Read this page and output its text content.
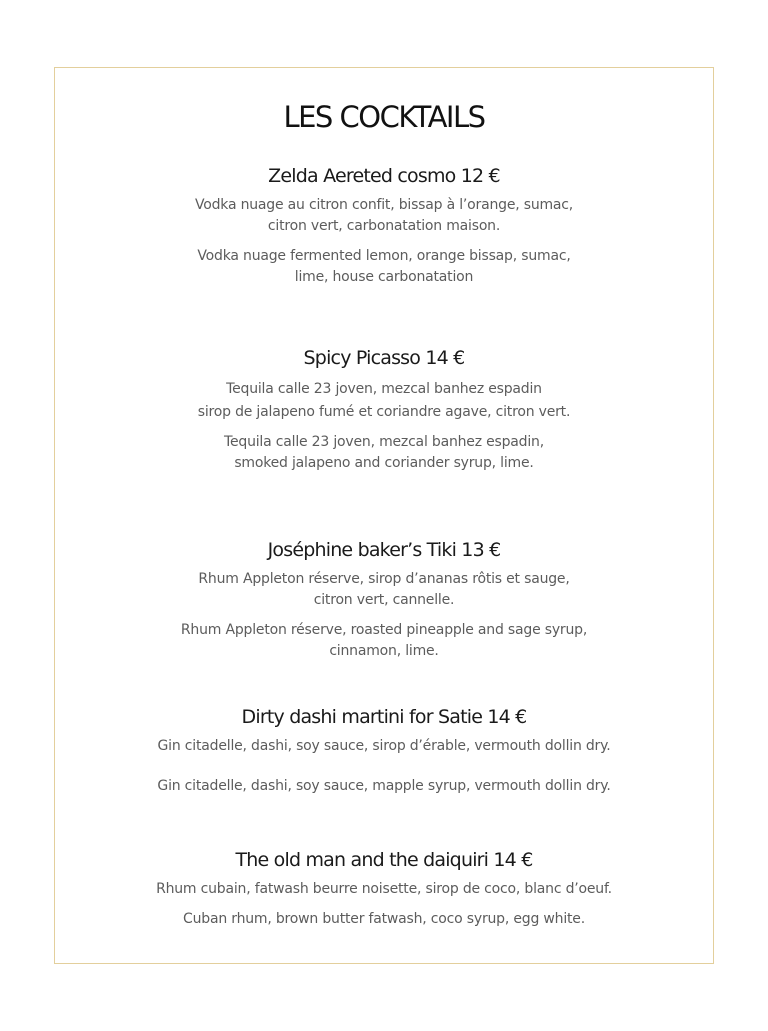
LES COCKTAILS
Zelda Aereted cosmo 12 €
Vodka nuage au citron confit, bissap à l’orange, sumac,
citron vert, carbonatation maison.
Vodka nuage fermented lemon, orange bissap, sumac,
lime, house carbonatation
Spicy Picasso 14 €
Tequila calle 23 joven, mezcal banhez espadin
sirop de jalapeno fumé et coriandre agave, citron vert.
Tequila calle 23 joven, mezcal banhez espadin,
smoked jalapeno and coriander syrup, lime.
Joséphine baker’s Tiki 13 €
Rhum Appleton réserve, sirop d’ananas rôtis et sauge,
citron vert, cannelle.
Rhum Appleton réserve, roasted pineapple and sage syrup,
cinnamon, lime.
Dirty dashi martini for Satie 14 €
Gin citadelle, dashi, soy sauce, sirop d’érable, vermouth dollin dry.
Gin citadelle, dashi, soy sauce, mapple syrup, vermouth dollin dry.
The old man and the daiquiri 14 €
Rhum cubain, fatwash beurre noisette, sirop de coco, blanc d’oeuf.
Cuban rhum, brown butter fatwash, coco syrup, egg white.
